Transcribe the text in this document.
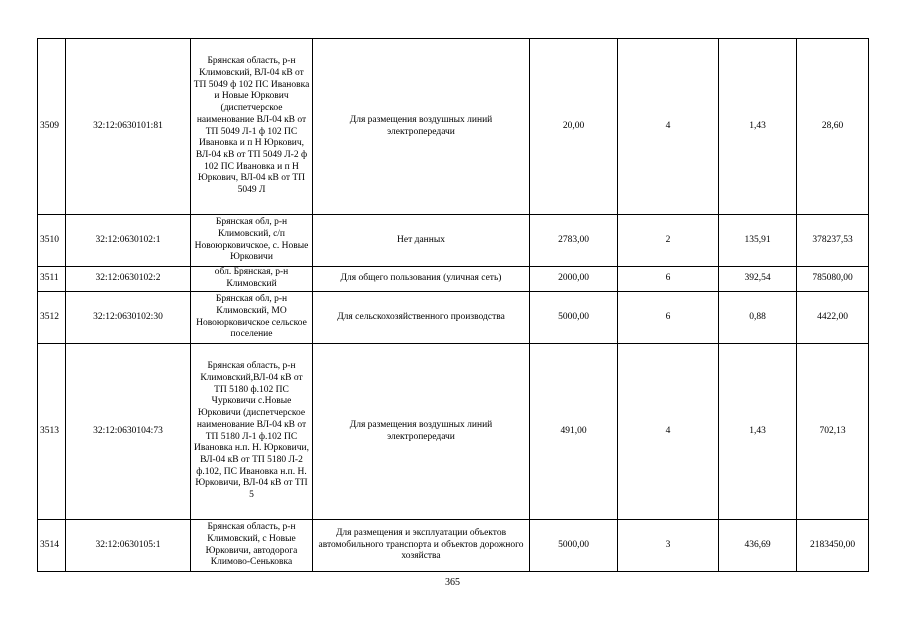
3509	32:12:0630101:81	Брянская область, р-н Климовский, ВЛ-04 кВ от ТП 5049 ф 102 ПС Ивановка и Новые Юркович (диспетчерское наименование ВЛ-04 кВ от ТП 5049 Л-1 ф 102 ПС Ивановка и п Н Юркович, ВЛ-04 кВ от ТП 5049 Л-2 ф 102 ПС Ивановка и п Н Юркович, ВЛ-04 кВ от ТП 5049 Л	Для размещения воздушных линий электропередачи	20,00	4	1,43	28,60
3510	32:12:0630102:1	Брянская обл, р-н Климовский, с/п Новоюрковичское, с. Новые Юрковичи	Нет данных	2783,00	2	135,91	378237,53
3511	32:12:0630102:2	обл. Брянская, р-н Климовский	Для общего пользования (уличная сеть)	2000,00	6	392,54	785080,00
3512	32:12:0630102:30	Брянская обл, р-н Климовский, МО Новоюрковичское сельское поселение	Для сельскохозяйственного производства	5000,00	6	0,88	4422,00
3513	32:12:0630104:73	Брянская область, р-н Климовский,ВЛ-04 кВ от ТП 5180 ф.102 ПС Чурковичи с.Новые Юрковичи (диспетчерское наименование ВЛ-04 кВ от ТП 5180 Л-1 ф.102 ПС Ивановка н.п. Н. Юрковичи, ВЛ-04 кВ от ТП 5180 Л-2 ф.102, ПС Ивановка н.п. Н. Юрковичи, ВЛ-04 кВ от ТП 5	Для размещения воздушных линий электропередачи	491,00	4	1,43	702,13
3514	32:12:0630105:1	Брянская область, р-н Климовский, с Новые Юрковичи, автодорога Климово-Сеньковка	Для размещения и эксплуатации объектов автомобильного транспорта и объектов дорожного хозяйства	5000,00	3	436,69	2183450,00
365
